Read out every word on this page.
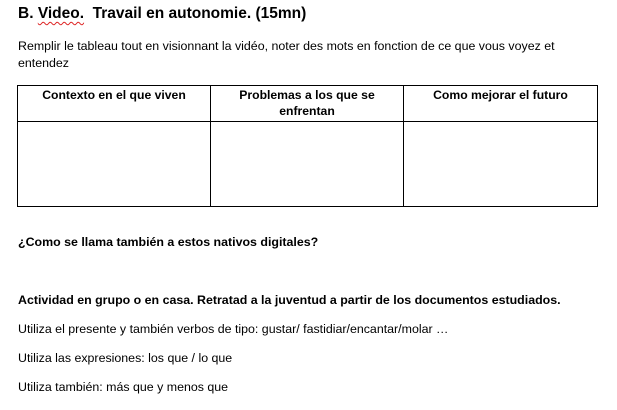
B. Video.  Travail en autonomie. (15mn)
Remplir le tableau tout en visionnant la vidéo, noter des mots en fonction de ce que vous voyez et entendez
Contexto en el que viven	Problemas a los que se enfrentan	Como mejorar el futuro

¿Como se llama también a estos nativos digitales?
Actividad en grupo o en casa. Retratad a la juventud a partir de los documentos estudiados.
Utiliza el presente y también verbos de tipo: gustar/ fastidiar/encantar/molar …
Utiliza las expresiones: los que / lo que
Utiliza también: más que y menos que
